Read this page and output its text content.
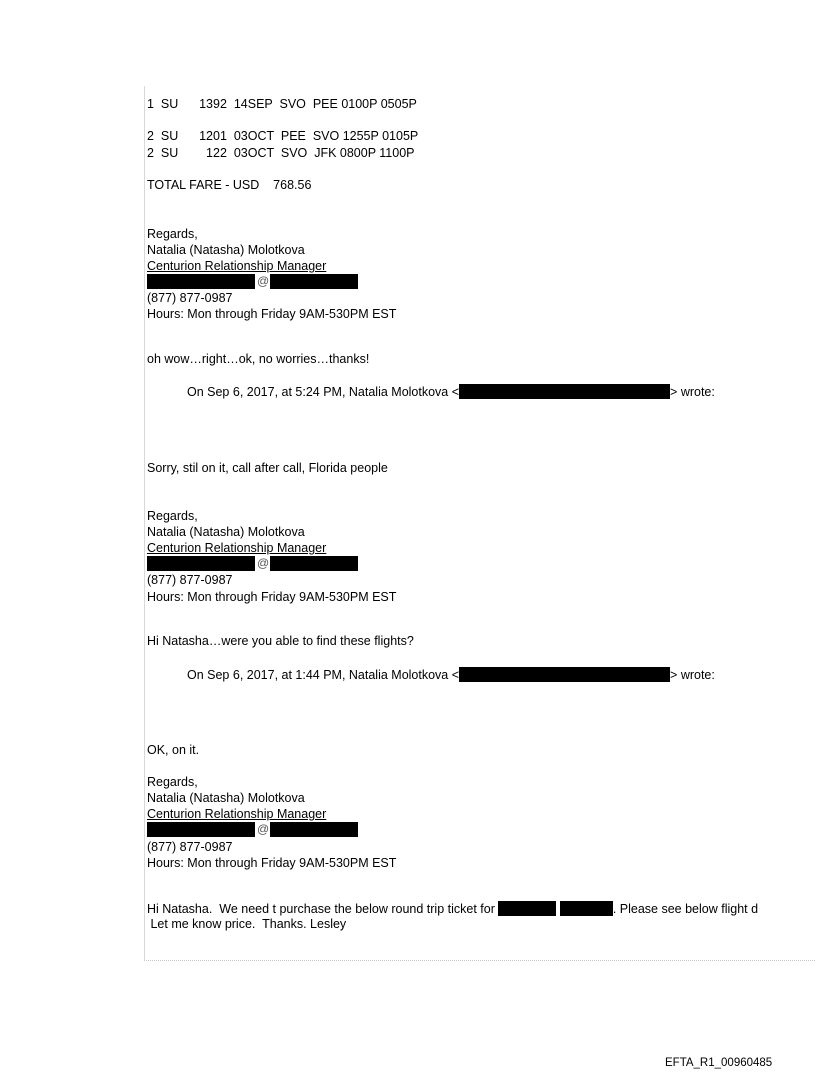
1  SU      1392  14SEP  SVO  PEE 0100P 0505P
2  SU      1201  03OCT  PEE  SVO 1255P 0105P
2  SU        122  03OCT  SVO  JFK 0800P 1100P
TOTAL FARE - USD    768.56
Regards,
Natalia (Natasha) Molotkova
Centurion Relationship Manager
@
(877) 877-0987
Hours: Mon through Friday 9AM-530PM EST
oh wow…right…ok, no worries…thanks!
On Sep 6, 2017, at 5:24 PM, Natalia Molotkova <	> wrote:
Sorry, stil on it, call after call, Florida people
Regards,
Natalia (Natasha) Molotkova
Centurion Relationship Manager
@
(877) 877-0987
Hours: Mon through Friday 9AM-530PM EST
Hi Natasha…were you able to find these flights?
On Sep 6, 2017, at 1:44 PM, Natalia Molotkova <	> wrote:
OK, on it.
Regards,
Natalia (Natasha) Molotkova
Centurion Relationship Manager
@
(877) 877-0987
Hours: Mon through Friday 9AM-530PM EST
Hi Natasha.  We need t purchase the below round trip ticket for	. Please see below flight d
Let me know price.  Thanks. Lesley
EFTA_R1_00960485
